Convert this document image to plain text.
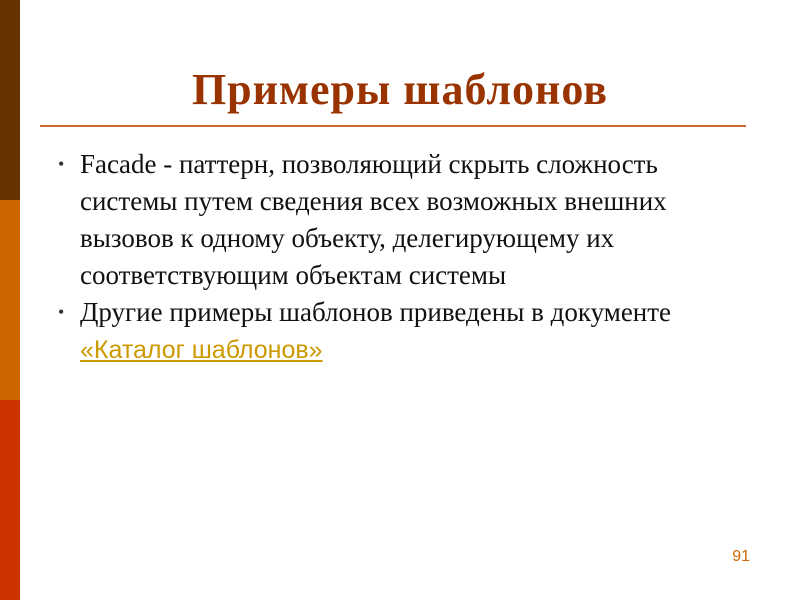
Примеры шаблонов
• Facade - паттерн, позволяющий скрыть сложность системы путем сведения всех возможных внешних вызовов к одному объекту, делегирующему их соответствующим объектам системы
• Другие примеры шаблонов приведены в документе «Каталог шаблонов»
91
